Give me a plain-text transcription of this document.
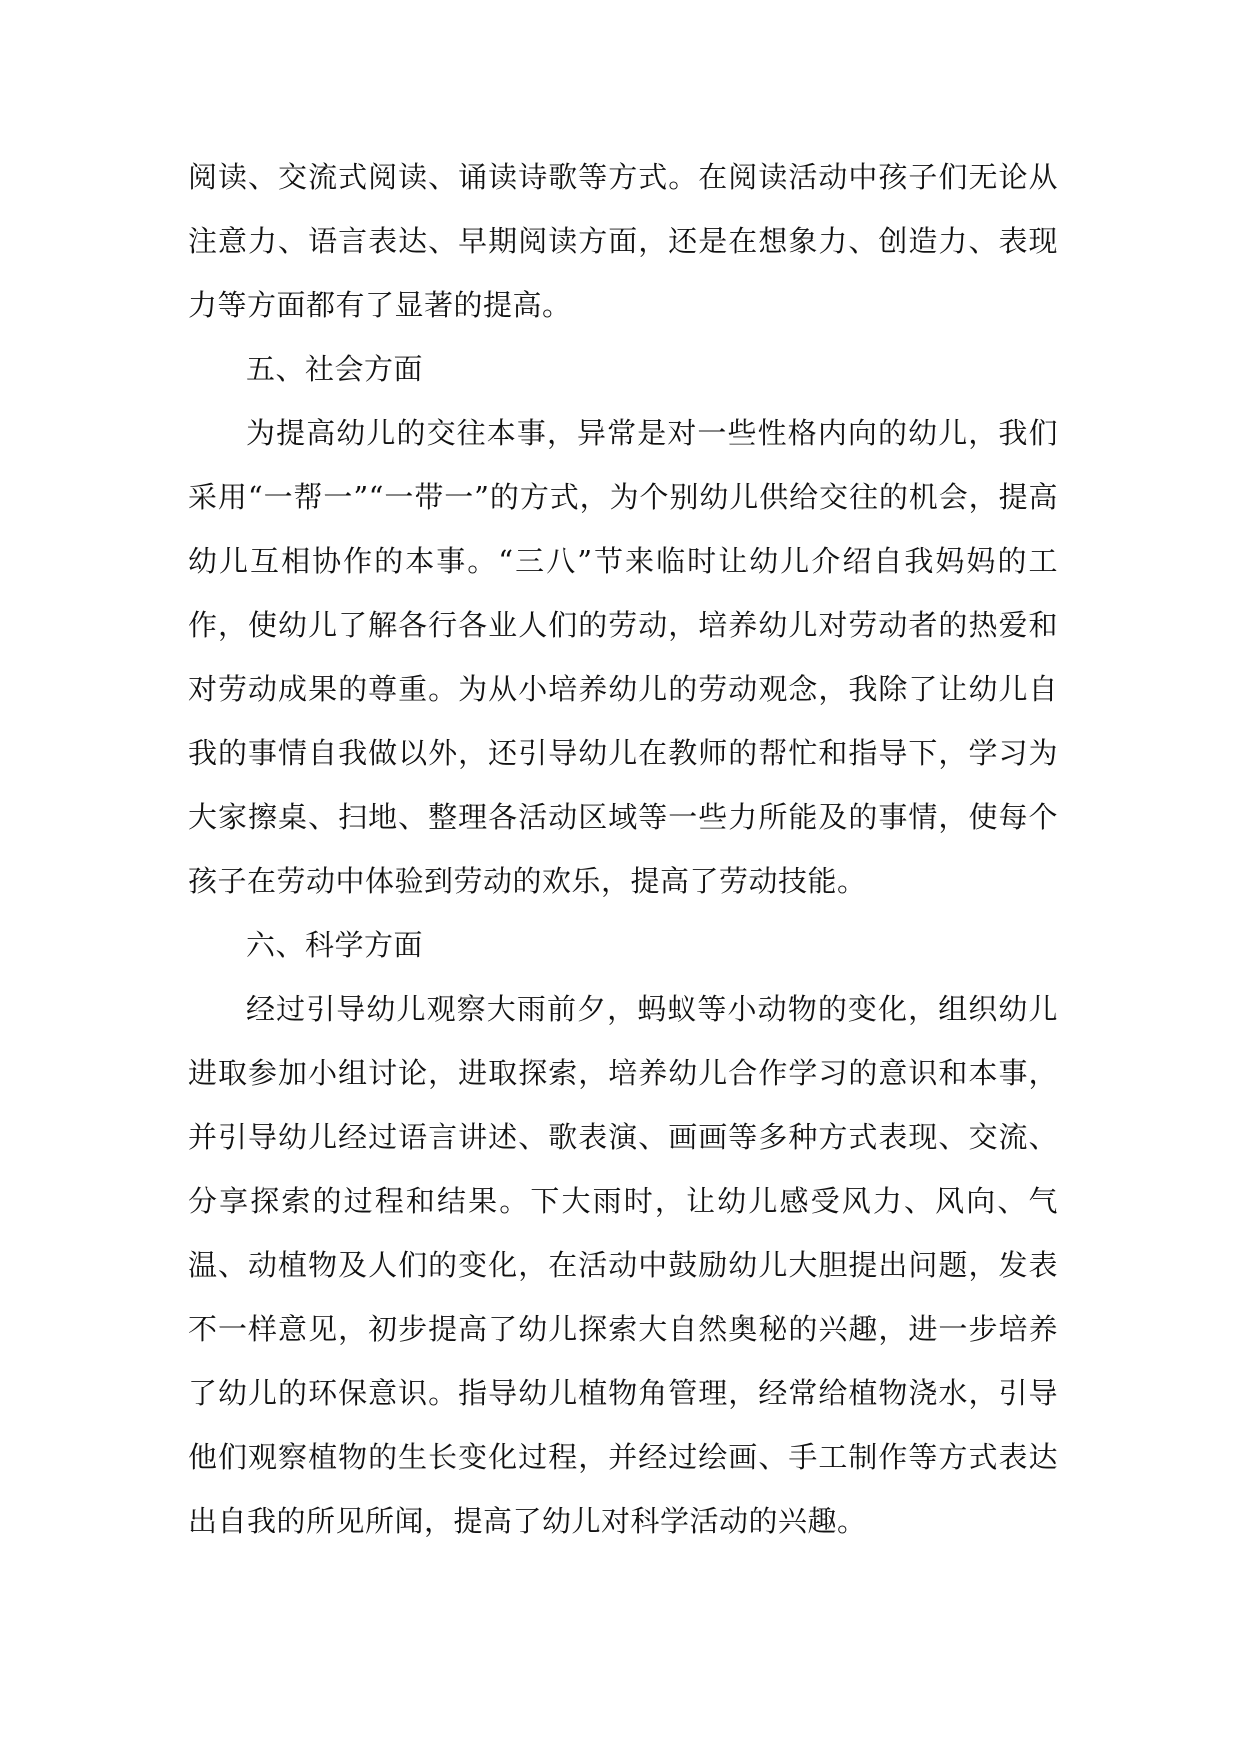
阅读、交流式阅读、诵读诗歌等方式。在阅读活动中孩子们无论从注意力、语言表达、早期阅读方面，还是在想象力、创造力、表现力等方面都有了显著的提高。

五、社会方面

为提高幼儿的交往本事，异常是对一些性格内向的幼儿，我们采用“一帮一”“一带一”的方式，为个别幼儿供给交往的机会，提高幼儿互相协作的本事。“三八”节来临时让幼儿介绍自我妈妈的工作，使幼儿了解各行各业人们的劳动，培养幼儿对劳动者的热爱和对劳动成果的尊重。为从小培养幼儿的劳动观念，我除了让幼儿自我的事情自我做以外，还引导幼儿在教师的帮忙和指导下，学习为大家擦桌、扫地、整理各活动区域等一些力所能及的事情，使每个孩子在劳动中体验到劳动的欢乐，提高了劳动技能。

六、科学方面

经过引导幼儿观察大雨前夕，蚂蚁等小动物的变化，组织幼儿进取参加小组讨论，进取探索，培养幼儿合作学习的意识和本事，并引导幼儿经过语言讲述、歌表演、画画等多种方式表现、交流、分享探索的过程和结果。下大雨时，让幼儿感受风力、风向、气温、动植物及人们的变化，在活动中鼓励幼儿大胆提出问题，发表不一样意见，初步提高了幼儿探索大自然奥秘的兴趣，进一步培养了幼儿的环保意识。指导幼儿植物角管理，经常给植物浇水，引导他们观察植物的生长变化过程，并经过绘画、手工制作等方式表达出自我的所见所闻，提高了幼儿对科学活动的兴趣。
